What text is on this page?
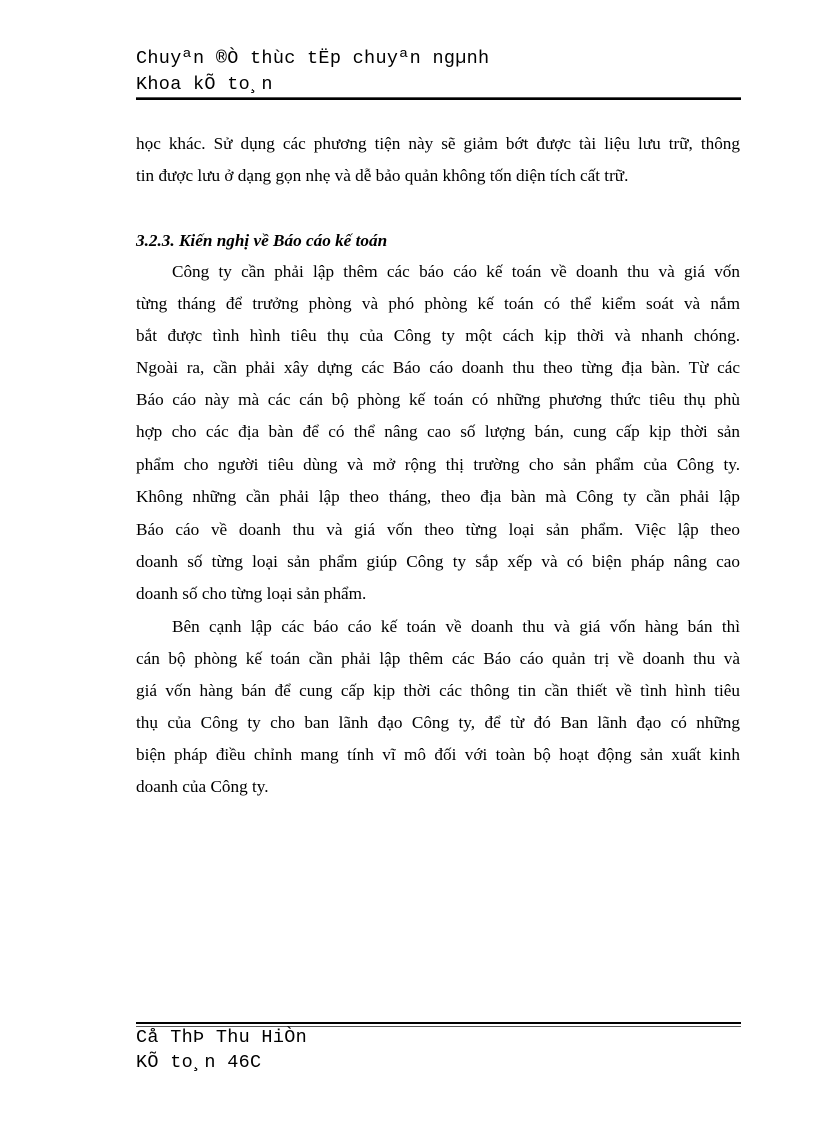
Chuyªn ®Ò thùc tËp chuyªn ngµnh
Khoa kÕ to¸n
học khác. Sử dụng các phương tiện này sẽ giảm bớt được tài liệu lưu trữ, thông
tin được lưu ở dạng gọn nhẹ và dễ bảo quản không tốn diện tích cất trữ.
3.2.3. Kiến nghị về Báo cáo kế toán
Công ty cần phải lập thêm các báo cáo kế toán về doanh thu và giá vốn
từng tháng để trưởng phòng và phó phòng kế toán có thể kiểm soát và nắm
bắt được tình hình tiêu thụ của Công ty một cách kịp thời và nhanh chóng.
Ngoài ra, cần phải xây dựng các Báo cáo doanh thu theo từng địa bàn. Từ các
Báo cáo này mà các cán bộ phòng kế toán có những phương thức tiêu thụ phù
hợp cho các địa bàn để có thể nâng cao số lượng bán, cung cấp kịp thời sản
phẩm cho người tiêu dùng và mở rộng thị trường cho sản phẩm của Công ty.
Không những cần phải lập theo tháng, theo địa bàn mà Công ty cần phải lập
Báo cáo về doanh thu và giá vốn theo từng loại sản phẩm. Việc lập theo
doanh số từng loại sản phẩm giúp Công ty sắp xếp và có biện pháp nâng cao
doanh số cho từng loại sản phẩm.
Bên cạnh lập các báo cáo kế toán về doanh thu và giá vốn hàng bán thì
cán bộ phòng kế toán cần phải lập thêm các Báo cáo quản trị về doanh thu và
giá vốn hàng bán để cung cấp kịp thời các thông tin cần thiết về tình hình tiêu
thụ của Công ty cho ban lãnh đạo Công ty, để từ đó Ban lãnh đạo có những
biện pháp điều chỉnh mang tính vĩ mô đối với toàn bộ hoạt động sản xuất kinh
doanh của Công ty.
Cå ThÞ Thu HiÒn
KÕ to¸n 46C
